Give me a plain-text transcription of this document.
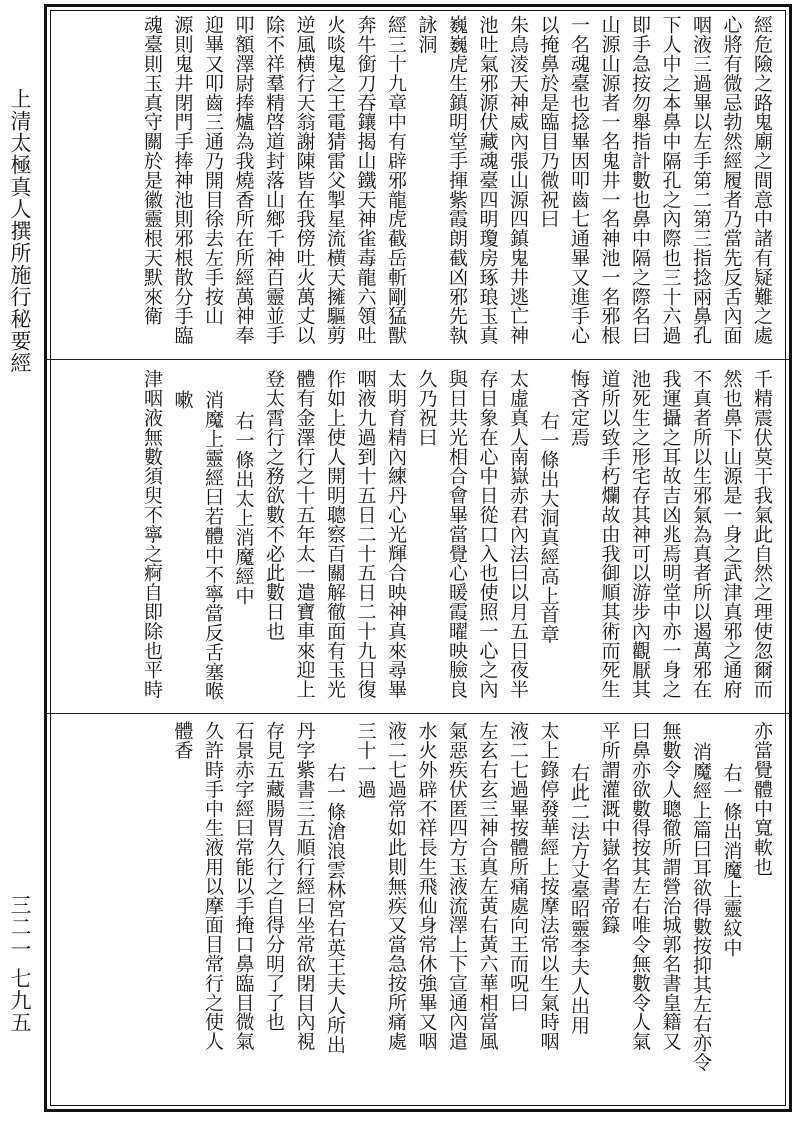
上清太極真人撰所施行秘要經
三二一 七九五
經危險之路鬼廟之間意中諸有疑難之處
心將有微忌勃然經履者乃當先反舌內面
咽液三過畢以左手第二第三指捻兩鼻孔
下人中之本鼻中隔孔之內際也三十六過
即手急按勿舉指計數也鼻中隔之際名曰
山源山源者一名鬼井一名神池一名邪根
一名魂臺也捻畢因叩齒七通畢又進手心
以掩鼻於是臨目乃微祝曰
朱鳥淩天神威內張山源四鎮鬼井逃亡神
池吐氣邪源伏藏魂臺四明瓊房琢琅玉真
巍巍虎生鎮明堂手揮紫霞朗截凶邪先執詠洞
經三十九章中有辟邪龍虎截岳斬剛猛獸
奔牛銜刀吞鑲揭山鐵天神雀毒龍六領吐
火啖鬼之王電猜雷父掣星流横天擁驅剪
逆風横行天翁謝陳皆在我傍吐火萬丈以
除不祥羣精啓道封落山鄉千神百靈並手
叩額澤尉捧爐為我燒香所在所經萬神奉
迎畢又叩齒三通乃開目徐去左手按山
源則鬼井閉門手捧神池則邪根散分手臨
魂臺則玉真守關於是徽靈根天默來衛
千精震伏莫干我氣此自然之理使忽爾而
然也鼻下山源是一身之武津真邪之通府
不真者所以生邪氣為真者所以遏萬邪在
我運攝之耳故吉凶兆焉明堂中亦一身之
池死生之形宅存其神可以游步內觀厭其
道所以致手朽爛故由我御順其術而死生
悔吝定焉
右一條出大洞真經高上首章
太虛真人南嶽赤君內法曰以月五日夜半
存日象在心中日從口入也使照一心之內
與日共光相合會畢當覺心暖霞曜映臉良
久乃祝曰
太明育精內練丹心光輝合映神真來尋畢
咽液九過到十五日二十五日二十九日復
作如上使人開明聰察百關解徹面有玉光
體有金澤行之十五年太一遣寶車來迎上
登太霄行之務欲數不必此數日也
右一條出太上消魔經中
消魔上靈經曰若體中不寧當反舌塞喉嗽
津咽液無數須臾不寧之痾自即除也平時
亦當覺體中寬軟也
右一條出消魔上靈紋中
消魔經上篇曰耳欲得數按抑其左右亦令
無數令人聰徹所謂營治城郭名書皇籍又
曰鼻亦欲數得按其左右唯令無數令人氣
平所謂灌溉中嶽名書帝籙
右此二法方丈臺昭靈李夫人出用
太上錄停發華經上按摩法常以生氣時咽
液二七過畢按體所痛處向王而呪曰
左玄右玄三神合真左黃右黃六華相當風
氣惡疾伏匿四方玉液流澤上下宣通內遣
水火外辟不祥長生飛仙身常休強畢又咽
液二七過常如此則無疾又當急按所痛處
三十一過
右一條滄浪雲林宮右英王夫人所出
丹字紫書三五順行經曰坐常欲閉目內視
存見五藏腸胃久行之自得分明了了也
石景赤字經曰常能以手掩口鼻臨目微氣
久許時手中生液用以摩面目常行之使人
體香
